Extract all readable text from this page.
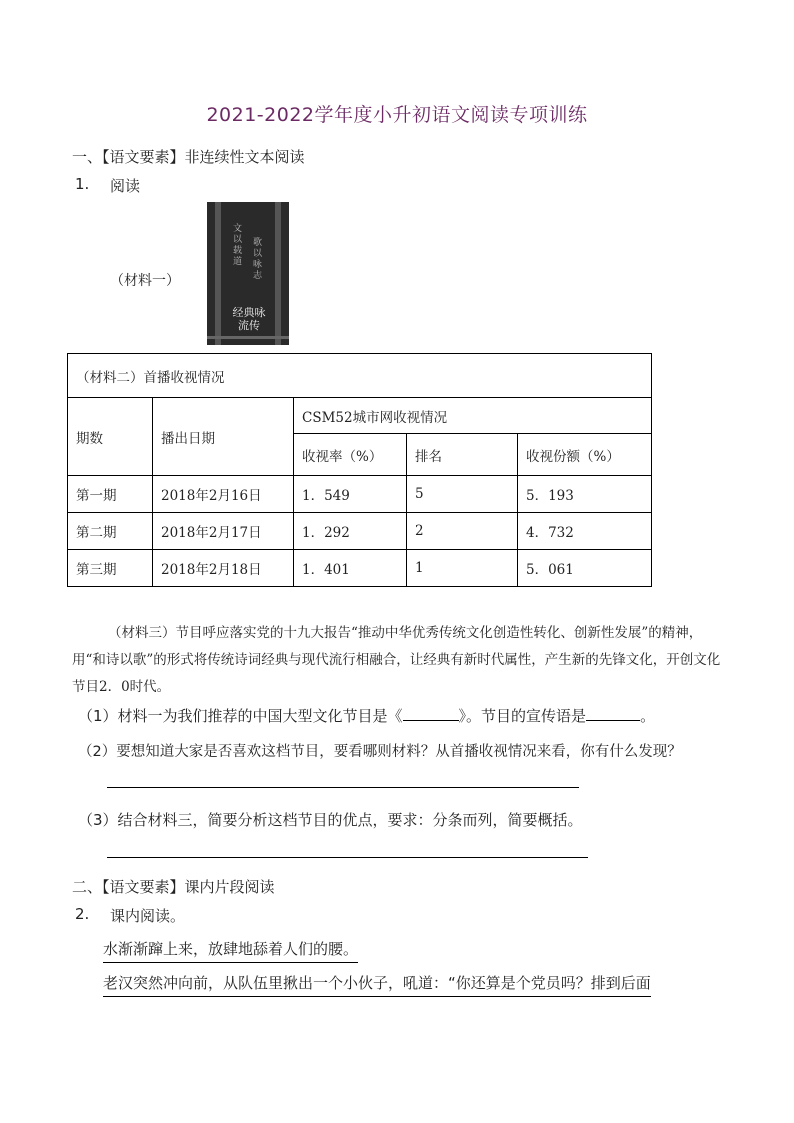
2021-2022学年度小升初语文阅读专项训练
一、【语文要素】非连续性文本阅读
1. 阅读
（材料一）
文以载道
歌以咏志
经典咏流传
（材料二）首播收视情况				
期数	播出日期	CSM52城市网收视情况		
		收视率（%）	排名	收视份额（%）
第一期	2018年2月16日	1．549	5	5．193
第二期	2018年2月17日	1．292	2	4．732
第三期	2018年2月18日	1．401	1	5．061
（材料三）节目呼应落实党的十九大报告“推动中华优秀传统文化创造性转化、创新性发展”的精神，用“和诗以歌”的形式将传统诗词经典与现代流行相融合，让经典有新时代属性，产生新的先锋文化，开创文化节目2．0时代。
（1）材料一为我们推荐的中国大型文化节目是《	》。节目的宣传语是	。
（2）要想知道大家是否喜欢这档节目，要看哪则材料？从首播收视情况来看，你有什么发现？
（3）结合材料三，简要分析这档节目的优点，要求：分条而列，简要概括。
二、【语文要素】课内片段阅读
2. 课内阅读。
水渐渐蹿上来，放肆地舔着人们的腰。
老汉突然冲向前，从队伍里揪出一个小伙子，吼道：“你还算是个党员吗？排到后面
